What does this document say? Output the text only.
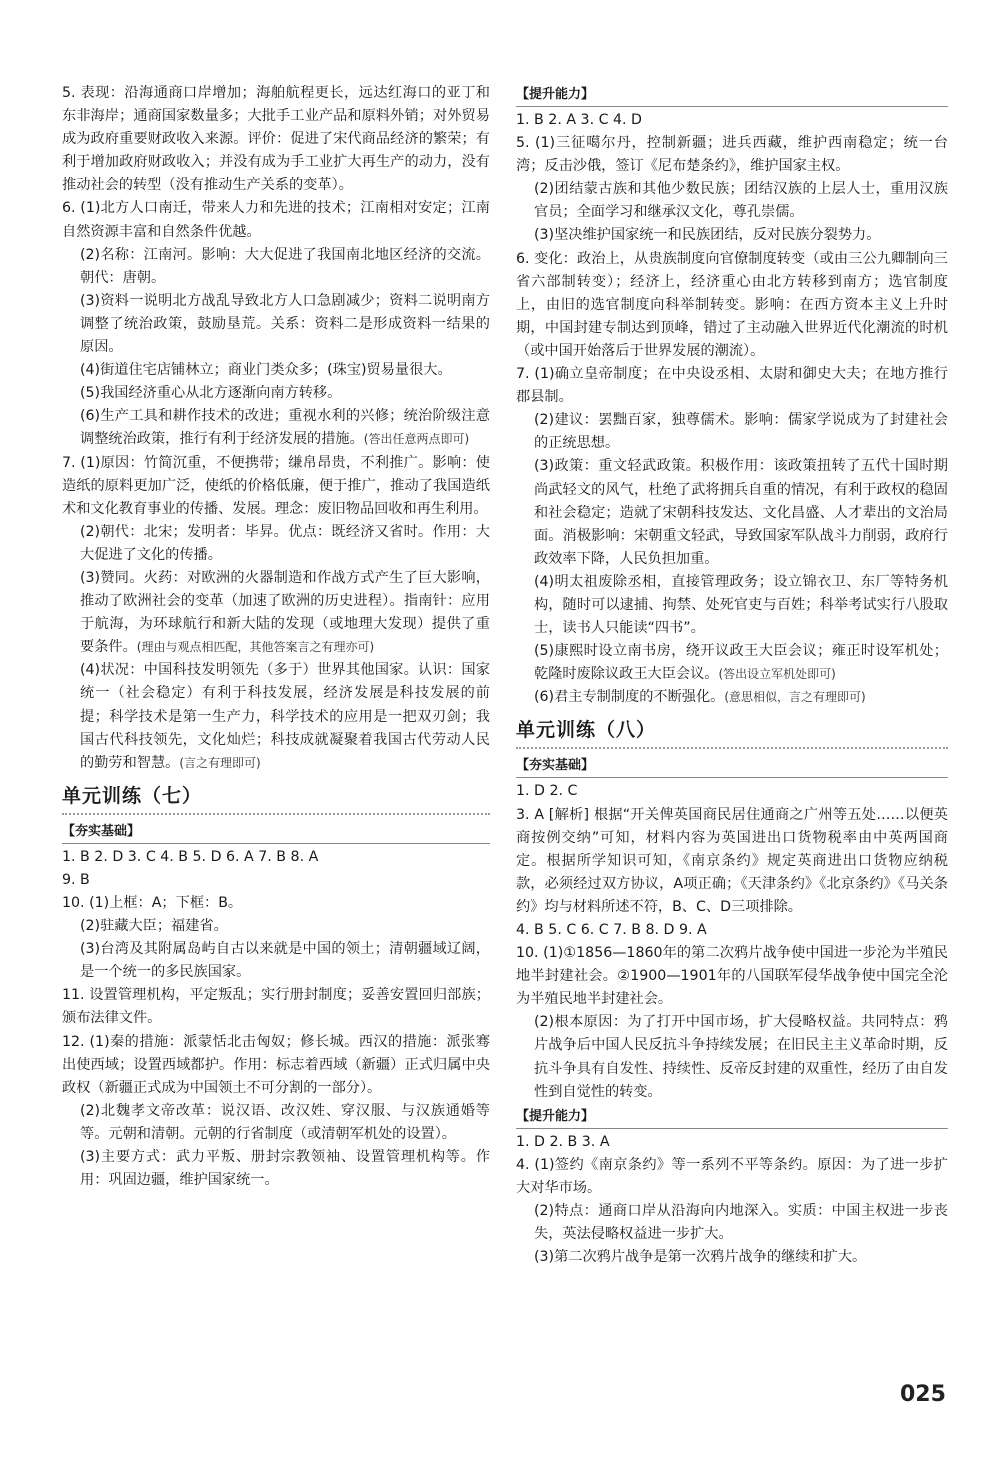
5. 表现：沿海通商口岸增加；海舶航程更长，远达红海口的亚丁和东非海岸；通商国家数量多；大批手工业产品和原料外销；对外贸易成为政府重要财政收入来源。评价：促进了宋代商品经济的繁荣；有利于增加政府财政收入；并没有成为手工业扩大再生产的动力，没有推动社会的转型（没有推动生产关系的变革）。

6. (1)北方人口南迁，带来人力和先进的技术；江南相对安定；江南自然资源丰富和自然条件优越。

(2)名称：江南河。影响：大大促进了我国南北地区经济的交流。朝代：唐朝。

(3)资料一说明北方战乱导致北方人口急剧减少；资料二说明南方调整了统治政策，鼓励垦荒。关系：资料二是形成资料一结果的原因。

(4)街道住宅店铺林立；商业门类众多；(珠宝)贸易量很大。

(5)我国经济重心从北方逐渐向南方转移。

(6)生产工具和耕作技术的改进；重视水利的兴修；统治阶级注意调整统治政策，推行有利于经济发展的措施。(答出任意两点即可)

7. (1)原因：竹简沉重，不便携带；缣帛昂贵，不利推广。影响：使造纸的原料更加广泛，使纸的价格低廉，便于推广，推动了我国造纸术和文化教育事业的传播、发展。理念：废旧物品回收和再生利用。

(2)朝代：北宋；发明者：毕昇。优点：既经济又省时。作用：大大促进了文化的传播。

(3)赞同。火药：对欧洲的火器制造和作战方式产生了巨大影响，推动了欧洲社会的变革（加速了欧洲的历史进程）。指南针：应用于航海，为环球航行和新大陆的发现（或地理大发现）提供了重要条件。(理由与观点相匹配，其他答案言之有理亦可)

(4)状况：中国科技发明领先（多于）世界其他国家。认识：国家统一（社会稳定）有利于科技发展，经济发展是科技发展的前提；科学技术是第一生产力，科学技术的应用是一把双刃剑；我国古代科技领先，文化灿烂；科技成就凝聚着我国古代劳动人民的勤劳和智慧。(言之有理即可)

单元训练（七）
【夯实基础】

1. B 2. D 3. C 4. B 5. D 6. A 7. B 8. A

9. B

10. (1)上框：A；下框：B。

(2)驻藏大臣；福建省。

(3)台湾及其附属岛屿自古以来就是中国的领土；清朝疆域辽阔，是一个统一的多民族国家。

11. 设置管理机构，平定叛乱；实行册封制度；妥善安置回归部族；颁布法律文件。

12. (1)秦的措施：派蒙恬北击匈奴；修长城。西汉的措施：派张骞出使西域；设置西域都护。作用：标志着西域（新疆）正式归属中央政权（新疆正式成为中国领土不可分割的一部分）。

(2)北魏孝文帝改革：说汉语、改汉姓、穿汉服、与汉族通婚等等。元朝和清朝。元朝的行省制度（或清朝军机处的设置）。

(3)主要方式：武力平叛、册封宗教领袖、设置管理机构等。作用：巩固边疆，维护国家统一。

【提升能力】

1. B 2. A 3. C 4. D

5. (1)三征噶尔丹，控制新疆；进兵西藏，维护西南稳定；统一台湾；反击沙俄，签订《尼布楚条约》，维护国家主权。

(2)团结蒙古族和其他少数民族；团结汉族的上层人士，重用汉族官员；全面学习和继承汉文化，尊孔崇儒。

(3)坚决维护国家统一和民族团结，反对民族分裂势力。

6. 变化：政治上，从贵族制度向官僚制度转变（或由三公九卿制向三省六部制转变）；经济上，经济重心由北方转移到南方；选官制度上，由旧的选官制度向科举制转变。影响：在西方资本主义上升时期，中国封建专制达到顶峰，错过了主动融入世界近代化潮流的时机（或中国开始落后于世界发展的潮流）。

7. (1)确立皇帝制度；在中央设丞相、太尉和御史大夫；在地方推行郡县制。

(2)建议：罢黜百家，独尊儒术。影响：儒家学说成为了封建社会的正统思想。

(3)政策：重文轻武政策。积极作用：该政策扭转了五代十国时期尚武轻文的风气，杜绝了武将拥兵自重的情况，有利于政权的稳固和社会稳定；造就了宋朝科技发达、文化昌盛、人才辈出的文治局面。消极影响：宋朝重文轻武，导致国家军队战斗力削弱，政府行政效率下降，人民负担加重。

(4)明太祖废除丞相，直接管理政务；设立锦衣卫、东厂等特务机构，随时可以逮捕、拘禁、处死官吏与百姓；科举考试实行八股取士，读书人只能读“四书”。

(5)康熙时设立南书房，绕开议政王大臣会议；雍正时设军机处；乾隆时废除议政王大臣会议。(答出设立军机处即可)

(6)君主专制制度的不断强化。(意思相似，言之有理即可)

单元训练（八）
【夯实基础】

1. D 2. C

3. A [解析] 根据“开关俾英国商民居住通商之广州等五处……以便英商按例交纳”可知，材料内容为英国进出口货物税率由中英两国商定。根据所学知识可知，《南京条约》规定英商进出口货物应纳税款，必须经过双方协议，A项正确；《天津条约》《北京条约》《马关条约》均与材料所述不符，B、C、D三项排除。

4. B 5. C 6. C 7. B 8. D 9. A

10. (1)①1856—1860年的第二次鸦片战争使中国进一步沦为半殖民地半封建社会。②1900—1901年的八国联军侵华战争使中国完全沦为半殖民地半封建社会。

(2)根本原因：为了打开中国市场，扩大侵略权益。共同特点：鸦片战争后中国人民反抗斗争持续发展；在旧民主主义革命时期，反抗斗争具有自发性、持续性、反帝反封建的双重性，经历了由自发性到自觉性的转变。

【提升能力】

1. D 2. B 3. A

4. (1)签约《南京条约》等一系列不平等条约。原因：为了进一步扩大对华市场。

(2)特点：通商口岸从沿海向内地深入。实质：中国主权进一步丧失，英法侵略权益进一步扩大。

(3)第二次鸦片战争是第一次鸦片战争的继续和扩大。

025
